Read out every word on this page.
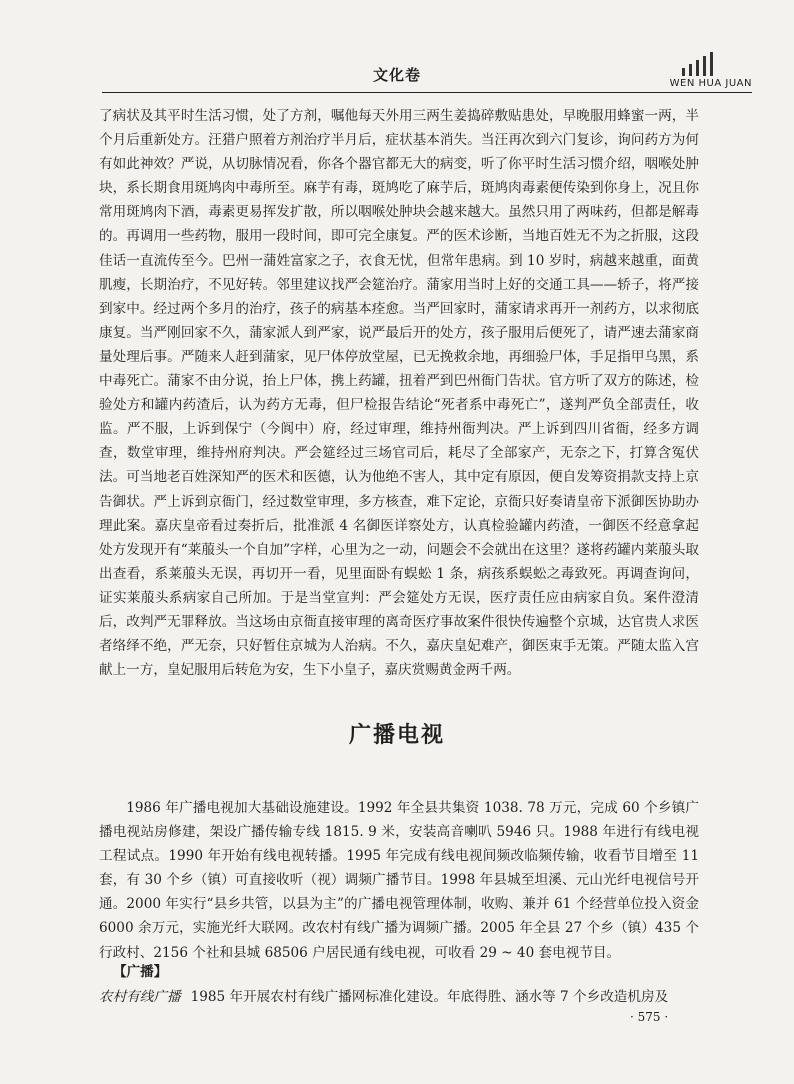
文化卷	WEN HUA JUAN

了病状及其平时生活习惯，处了方剂，嘱他每天外用三两生姜捣碎敷贴患处，早晚服用蜂蜜一两，半个月后重新处方。汪猎户照着方剂治疗半月后，症状基本消失。当汪再次到六门复诊，询问药方为何有如此神效？严说，从切脉情况看，你各个器官都无大的病变，听了你平时生活习惯介绍，咽喉处肿块，系长期食用斑鸠肉中毒所至。麻芋有毒，斑鸠吃了麻芋后，斑鸠肉毒素便传染到你身上，况且你常用斑鸠肉下酒，毒素更易挥发扩散，所以咽喉处肿块会越来越大。虽然只用了两味药，但都是解毒的。再调用一些药物，服用一段时间，即可完全康复。严的医术诊断，当地百姓无不为之折服，这段佳话一直流传至今。巴州一蒲姓富家之子，衣食无忧，但常年患病。到 10 岁时，病越来越重，面黄肌瘦，长期治疗，不见好转。邻里建议找严会筵治疗。蒲家用当时上好的交通工具——轿子，将严接到家中。经过两个多月的治疗，孩子的病基本痊愈。当严回家时，蒲家请求再开一剂药方，以求彻底康复。当严刚回家不久，蒲家派人到严家，说严最后开的处方，孩子服用后便死了，请严速去蒲家商量处理后事。严随来人赶到蒲家，见尸体停放堂屋，已无挽救余地，再细验尸体，手足指甲乌黑，系中毒死亡。蒲家不由分说，抬上尸体，携上药罐，扭着严到巴州衙门告状。官方听了双方的陈述，检验处方和罐内药渣后，认为药方无毒，但尸检报告结论“死者系中毒死亡”，遂判严负全部责任，收监。严不服，上诉到保宁（今阆中）府，经过审理，维持州衙判决。严上诉到四川省衙，经多方调查，数堂审理，维持州府判决。严会筵经过三场官司后，耗尽了全部家产，无奈之下，打算含冤伏法。可当地老百姓深知严的医术和医德，认为他绝不害人，其中定有原因，便自发筹资捐款支持上京告御状。严上诉到京衙门，经过数堂审理，多方核查，难下定论，京衙只好奏请皇帝下派御医协助办理此案。嘉庆皇帝看过奏折后，批准派 4 名御医详察处方，认真检验罐内药渣，一御医不经意拿起处方发现开有“莱菔头一个自加”字样，心里为之一动，问题会不会就出在这里？遂将药罐内莱菔头取出查看，系莱菔头无误，再切开一看，见里面卧有蜈蚣 1 条，病孩系蜈蚣之毒致死。再调查询问，证实莱菔头系病家自己所加。于是当堂宣判：严会筵处方无误，医疗责任应由病家自负。案件澄清后，改判严无罪释放。当这场由京衙直接审理的离奇医疗事故案件很快传遍整个京城，达官贵人求医者络绎不绝，严无奈，只好暂住京城为人治病。不久，嘉庆皇妃难产，御医束手无策。严随太监入宫献上一方，皇妃服用后转危为安，生下小皇子，嘉庆赏赐黄金两千两。

广播电视

1986 年广播电视加大基础设施建设。1992 年全县共集资 1038. 78 万元，完成 60 个乡镇广播电视站房修建，架设广播传输专线 1815. 9 米，安装高音喇叭 5946 只。1988 年进行有线电视工程试点。1990 年开始有线电视转播。1995 年完成有线电视间频改临频传输，收看节目增至 11 套，有 30 个乡（镇）可直接收听（视）调频广播节目。1998 年县城至坦溪、元山光纤电视信号开通。2000 年实行“县乡共管，以县为主”的广播电视管理体制，收购、兼并 61 个经营单位投入资金 6000 余万元，实施光纤大联网。改农村有线广播为调频广播。2005 年全县 27 个乡（镇）435 个行政村、2156 个社和县城 68506 户居民通有线电视，可收看 29 ~ 40 套电视节目。

【广播】

农村有线广播 1985 年开展农村有线广播网标准化建设。年底得胜、涵水等 7 个乡改造机房及

· 575 ·
